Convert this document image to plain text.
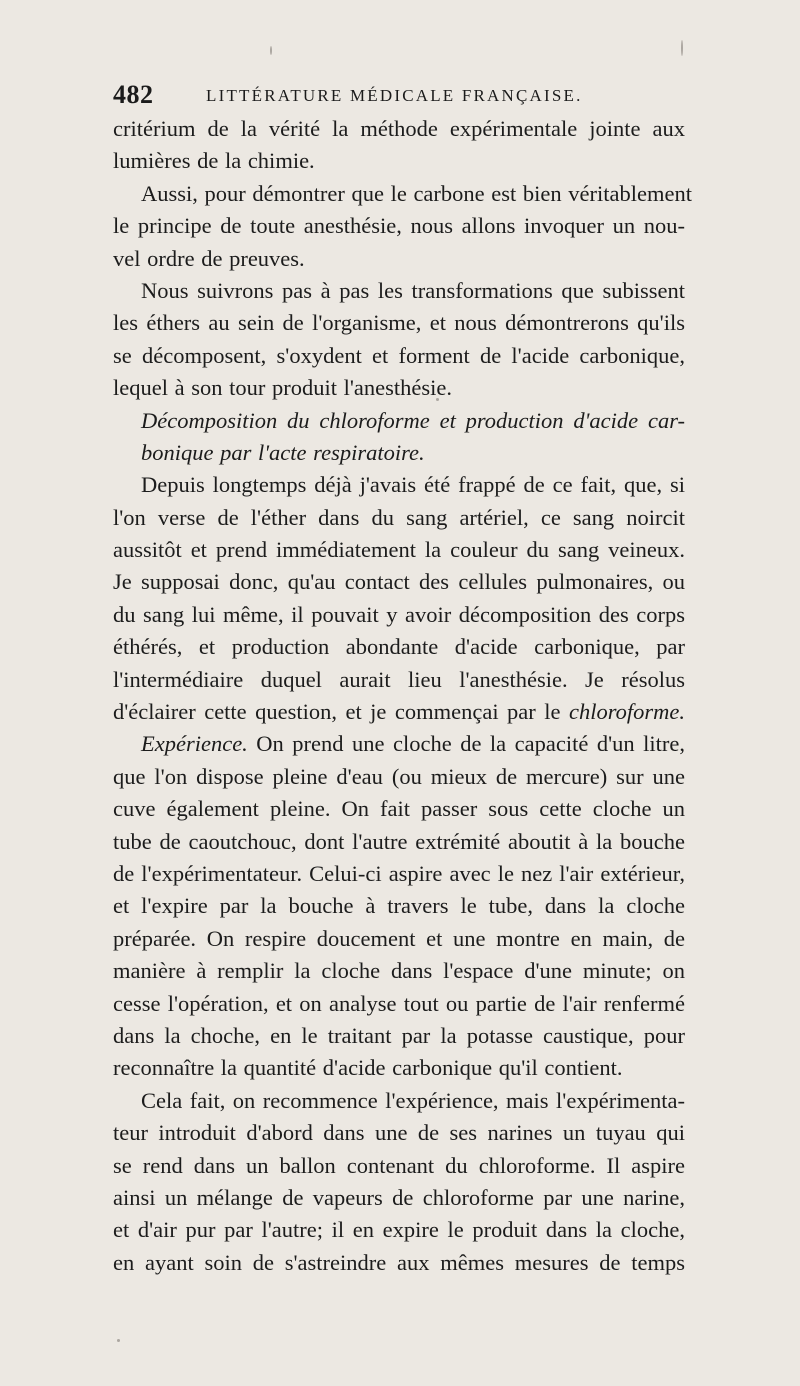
482	LITTÉRATURE MÉDICALE FRANÇAISE.
critérium de la vérité la méthode expérimentale jointe aux
lumières de la chimie.
Aussi, pour démontrer que le carbone est bien véritablement
le principe de toute anesthésie, nous allons invoquer un nou-
vel ordre de preuves.
Nous suivrons pas à pas les transformations que subissent
les éthers au sein de l'organisme, et nous démontrerons qu'ils
se décomposent, s'oxydent et forment de l'acide carbonique,
lequel à son tour produit l'anesthésie.
Décomposition du chloroforme et production d'acide car-
bonique par l'acte respiratoire.
Depuis longtemps déjà j'avais été frappé de ce fait, que, si
l'on verse de l'éther dans du sang artériel, ce sang noircit
aussitôt et prend immédiatement la couleur du sang veineux.
Je supposai donc, qu'au contact des cellules pulmonaires, ou
du sang lui même, il pouvait y avoir décomposition des corps
éthérés, et production abondante d'acide carbonique, par
l'intermédiaire duquel aurait lieu l'anesthésie. Je résolus
d'éclairer cette question, et je commençai par le chloroforme.
Expérience. On prend une cloche de la capacité d'un litre,
que l'on dispose pleine d'eau (ou mieux de mercure) sur une
cuve également pleine. On fait passer sous cette cloche un
tube de caoutchouc, dont l'autre extrémité aboutit à la bouche
de l'expérimentateur. Celui-ci aspire avec le nez l'air extérieur,
et l'expire par la bouche à travers le tube, dans la cloche
préparée. On respire doucement et une montre en main, de
manière à remplir la cloche dans l'espace d'une minute; on
cesse l'opération, et on analyse tout ou partie de l'air renfermé
dans la choche, en le traitant par la potasse caustique, pour
reconnaître la quantité d'acide carbonique qu'il contient.
Cela fait, on recommence l'expérience, mais l'expérimenta-
teur introduit d'abord dans une de ses narines un tuyau qui
se rend dans un ballon contenant du chloroforme. Il aspire
ainsi un mélange de vapeurs de chloroforme par une narine,
et d'air pur par l'autre; il en expire le produit dans la cloche,
en ayant soin de s'astreindre aux mêmes mesures de temps
